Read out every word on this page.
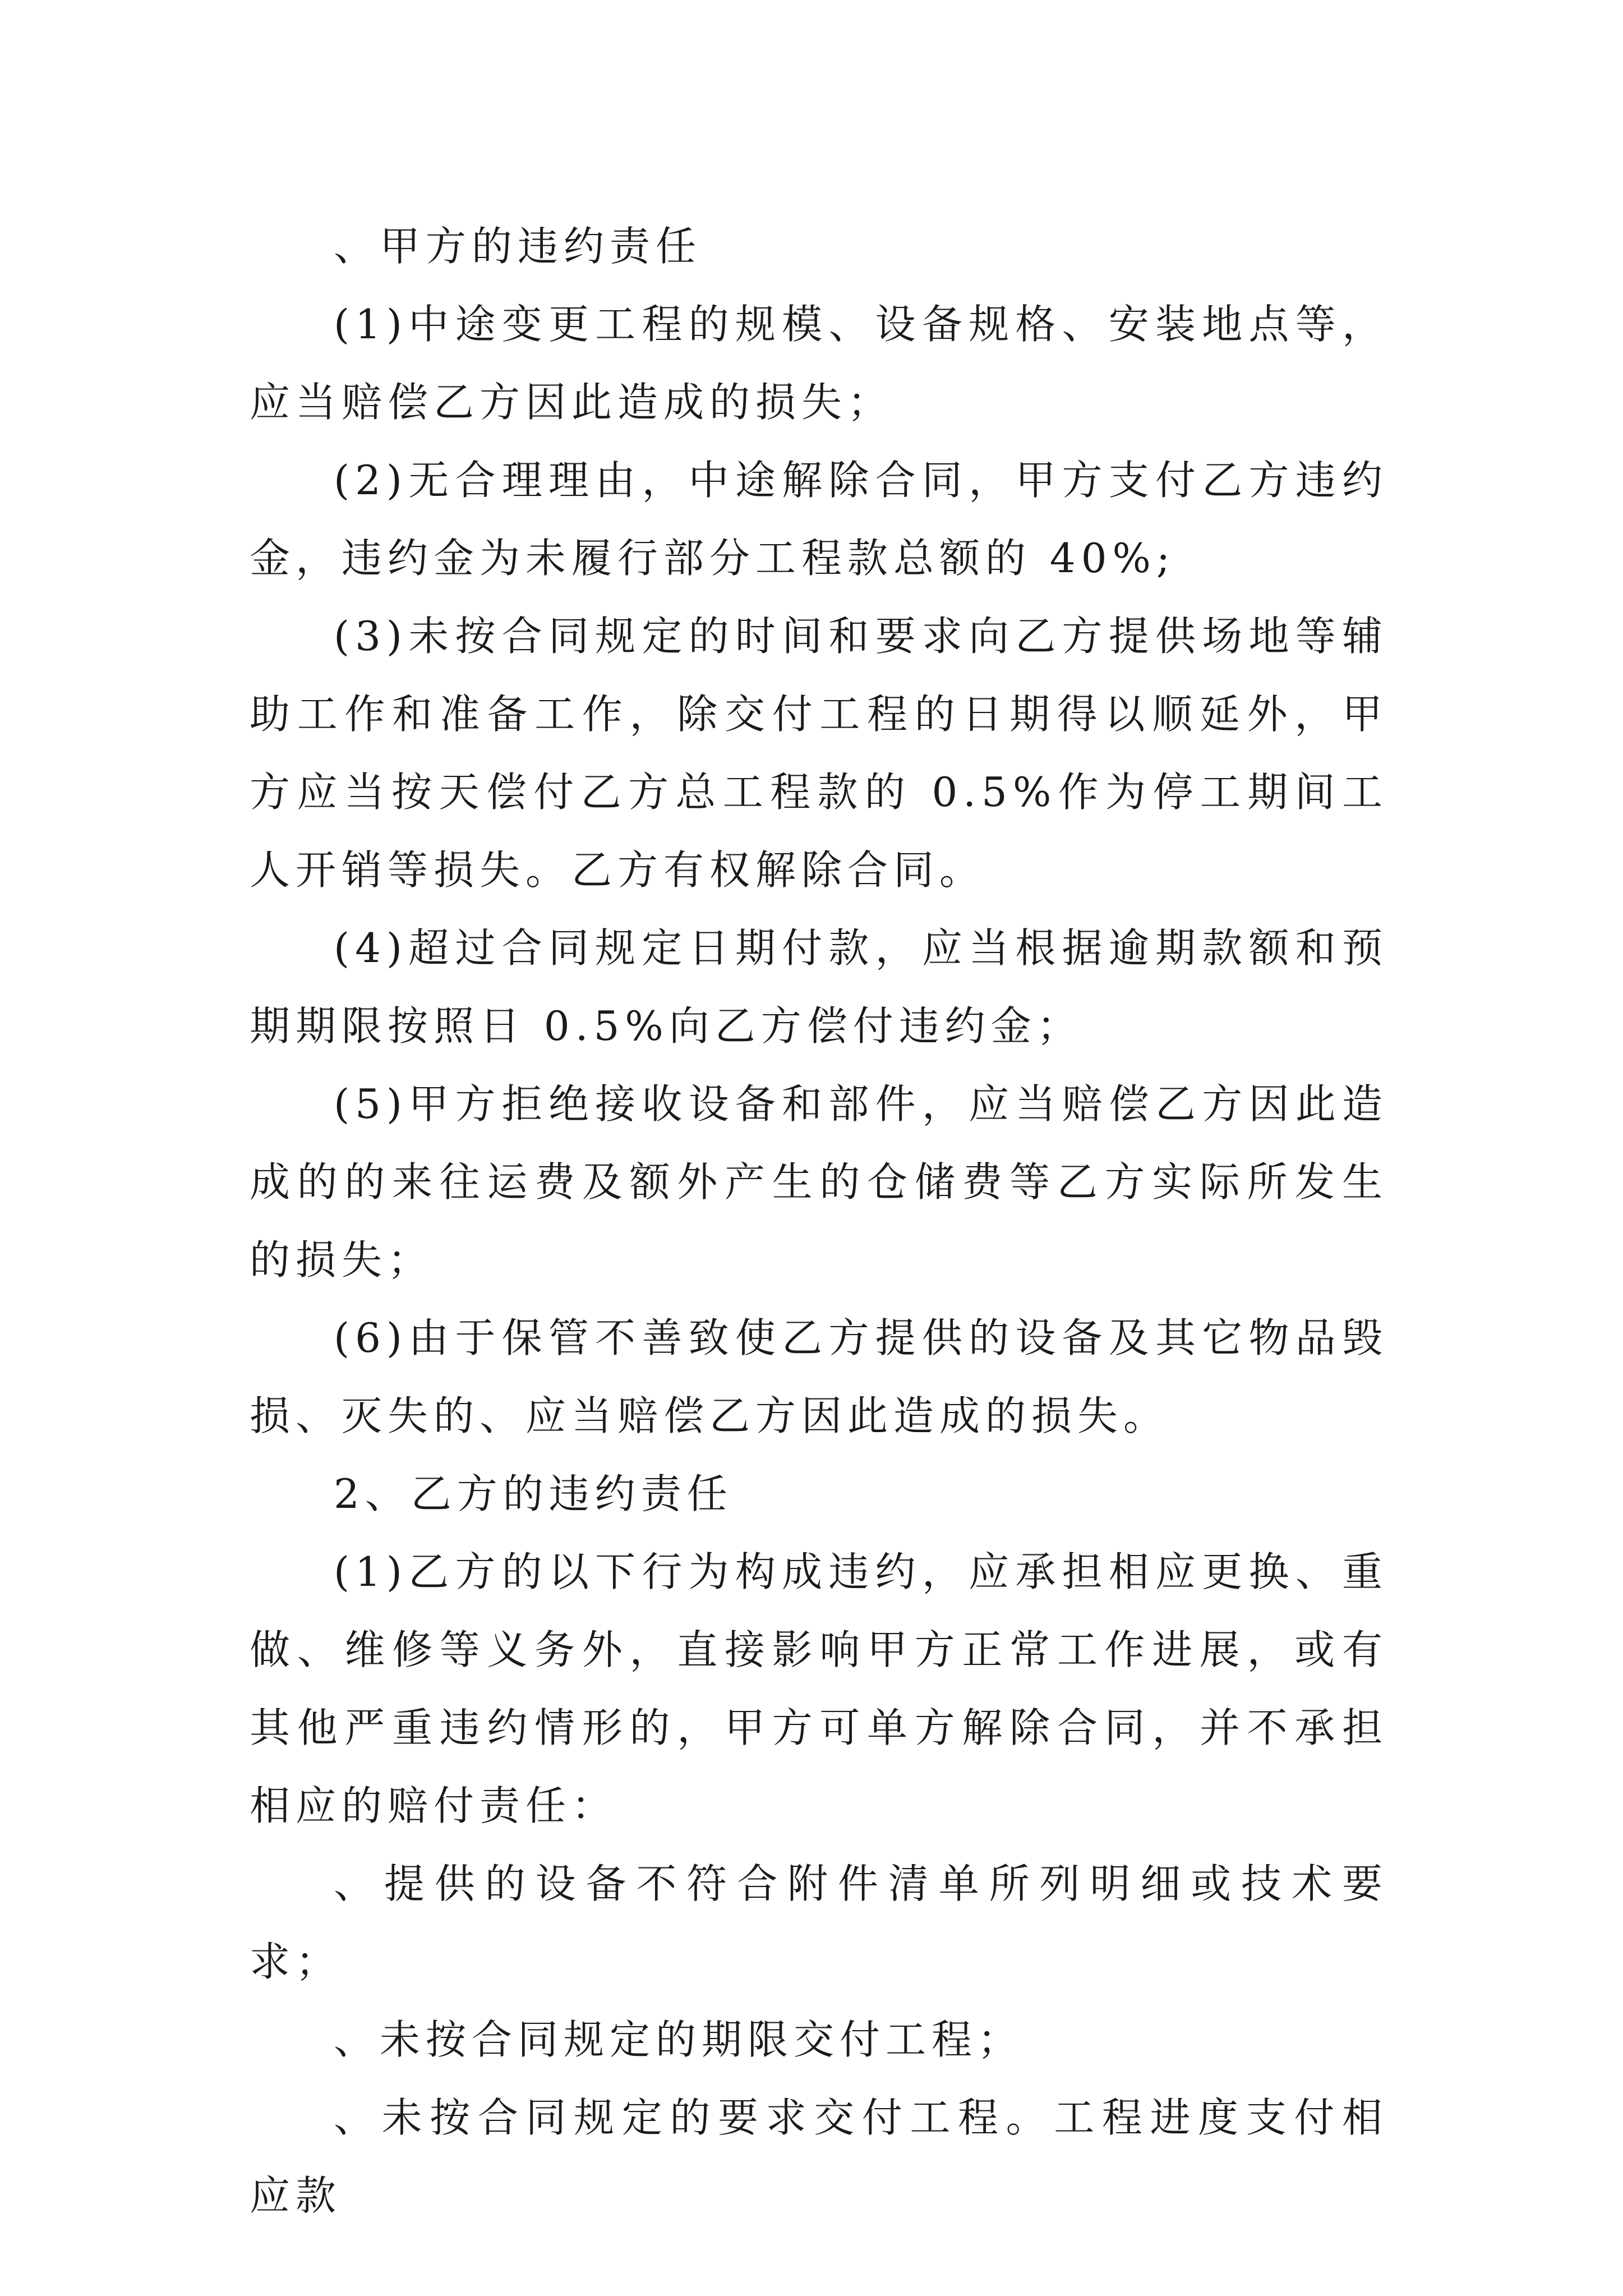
、甲方的违约责任

(1)中途变更工程的规模、设备规格、安装地点等，应当赔偿乙方因此造成的损失；

(2)无合理理由，中途解除合同，甲方支付乙方违约金，违约金为未履行部分工程款总额的 40%;

(3)未按合同规定的时间和要求向乙方提供场地等辅助工作和准备工作，除交付工程的日期得以顺延外，甲方应当按天偿付乙方总工程款的 0.5%作为停工期间工人开销等损失。乙方有权解除合同。

(4)超过合同规定日期付款，应当根据逾期款额和预期期限按照日 0.5%向乙方偿付违约金；

(5)甲方拒绝接收设备和部件，应当赔偿乙方因此造成的的来往运费及额外产生的仓储费等乙方实际所发生的损失；

(6)由于保管不善致使乙方提供的设备及其它物品毁损、灭失的、应当赔偿乙方因此造成的损失。

2、乙方的违约责任

(1)乙方的以下行为构成违约，应承担相应更换、重做、维修等义务外，直接影响甲方正常工作进展，或有其他严重违约情形的，甲方可单方解除合同，并不承担相应的赔付责任：

、提供的设备不符合附件清单所列明细或技术要求；

、未按合同规定的期限交付工程；

、未按合同规定的要求交付工程。工程进度支付相应款
